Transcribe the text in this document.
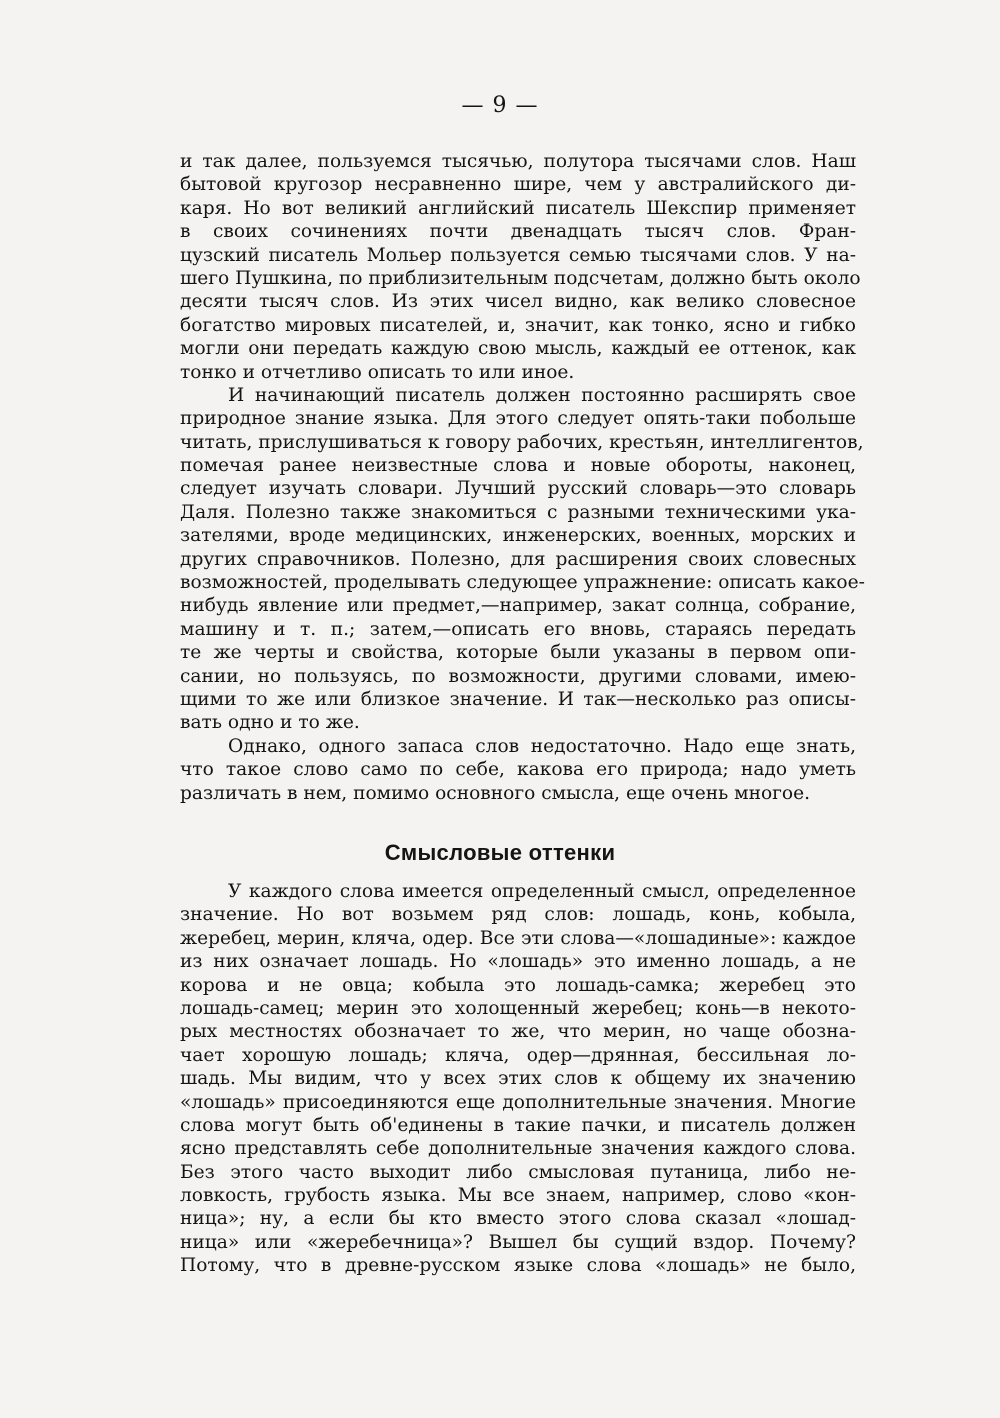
— 9 —
и так далее, пользуемся тысячью, полутора тысячами слов. Наш
бытовой кругозор несравненно шире, чем у австралийского ди-
каря. Но вот великий английский писатель Шекспир применяет
в своих сочинениях почти двенадцать тысяч слов. Фран-
цузский писатель Мольер пользуется семью тысячами слов. У на-
шего Пушкина, по приблизительным подсчетам, должно быть около
десяти тысяч слов. Из этих чисел видно, как велико словесное
богатство мировых писателей, и, значит, как тонко, ясно и гибко
могли они передать каждую свою мысль, каждый ее оттенок, как
тонко и отчетливо описать то или иное.
И начинающий писатель должен постоянно расширять свое
природное знание языка. Для этого следует опять-таки побольше
читать, прислушиваться к говору рабочих, крестьян, интеллигентов,
помечая ранее неизвестные слова и новые обороты, наконец,
следует изучать словари. Лучший русский словарь—это словарь
Даля. Полезно также знакомиться с разными техническими ука-
зателями, вроде медицинских, инженерских, военных, морских и
других справочников. Полезно, для расширения своих словесных
возможностей, проделывать следующее упражнение: описать какое-
нибудь явление или предмет,—например, закат солнца, собрание,
машину и т. п.; затем,—описать его вновь, стараясь передать
те же черты и свойства, которые были указаны в первом опи-
сании, но пользуясь, по возможности, другими словами, имею-
щими то же или близкое значение. И так—несколько раз описы-
вать одно и то же.
Однако, одного запаса слов недостаточно. Надо еще знать,
что такое слово само по себе, какова его природа; надо уметь
различать в нем, помимо основного смысла, еще очень многое.
Смысловые оттенки
У каждого слова имеется определенный смысл, определенное
значение. Но вот возьмем ряд слов: лошадь, конь, кобыла,
жеребец, мерин, кляча, одер. Все эти слова—«лошадиные»: каждое
из них означает лошадь. Но «лошадь» это именно лошадь, а не
корова и не овца; кобыла это лошадь-самка; жеребец это
лошадь-самец; мерин это холощенный жеребец; конь—в некото-
рых местностях обозначает то же, что мерин, но чаще обозна-
чает хорошую лошадь; кляча, одер—дрянная, бессильная ло-
шадь. Мы видим, что у всех этих слов к общему их значению
«лошадь» присоединяются еще дополнительные значения. Многие
слова могут быть об'единены в такие пачки, и писатель должен
ясно представлять себе дополнительные значения каждого слова.
Без этого часто выходит либо смысловая путаница, либо не-
ловкость, грубость языка. Мы все знаем, например, слово «кон-
ница»; ну, а если бы кто вместо этого слова сказал «лошад-
ница» или «жеребечница»? Вышел бы сущий вздор. Почему?
Потому, что в древне-русском языке слова «лошадь» не было,
